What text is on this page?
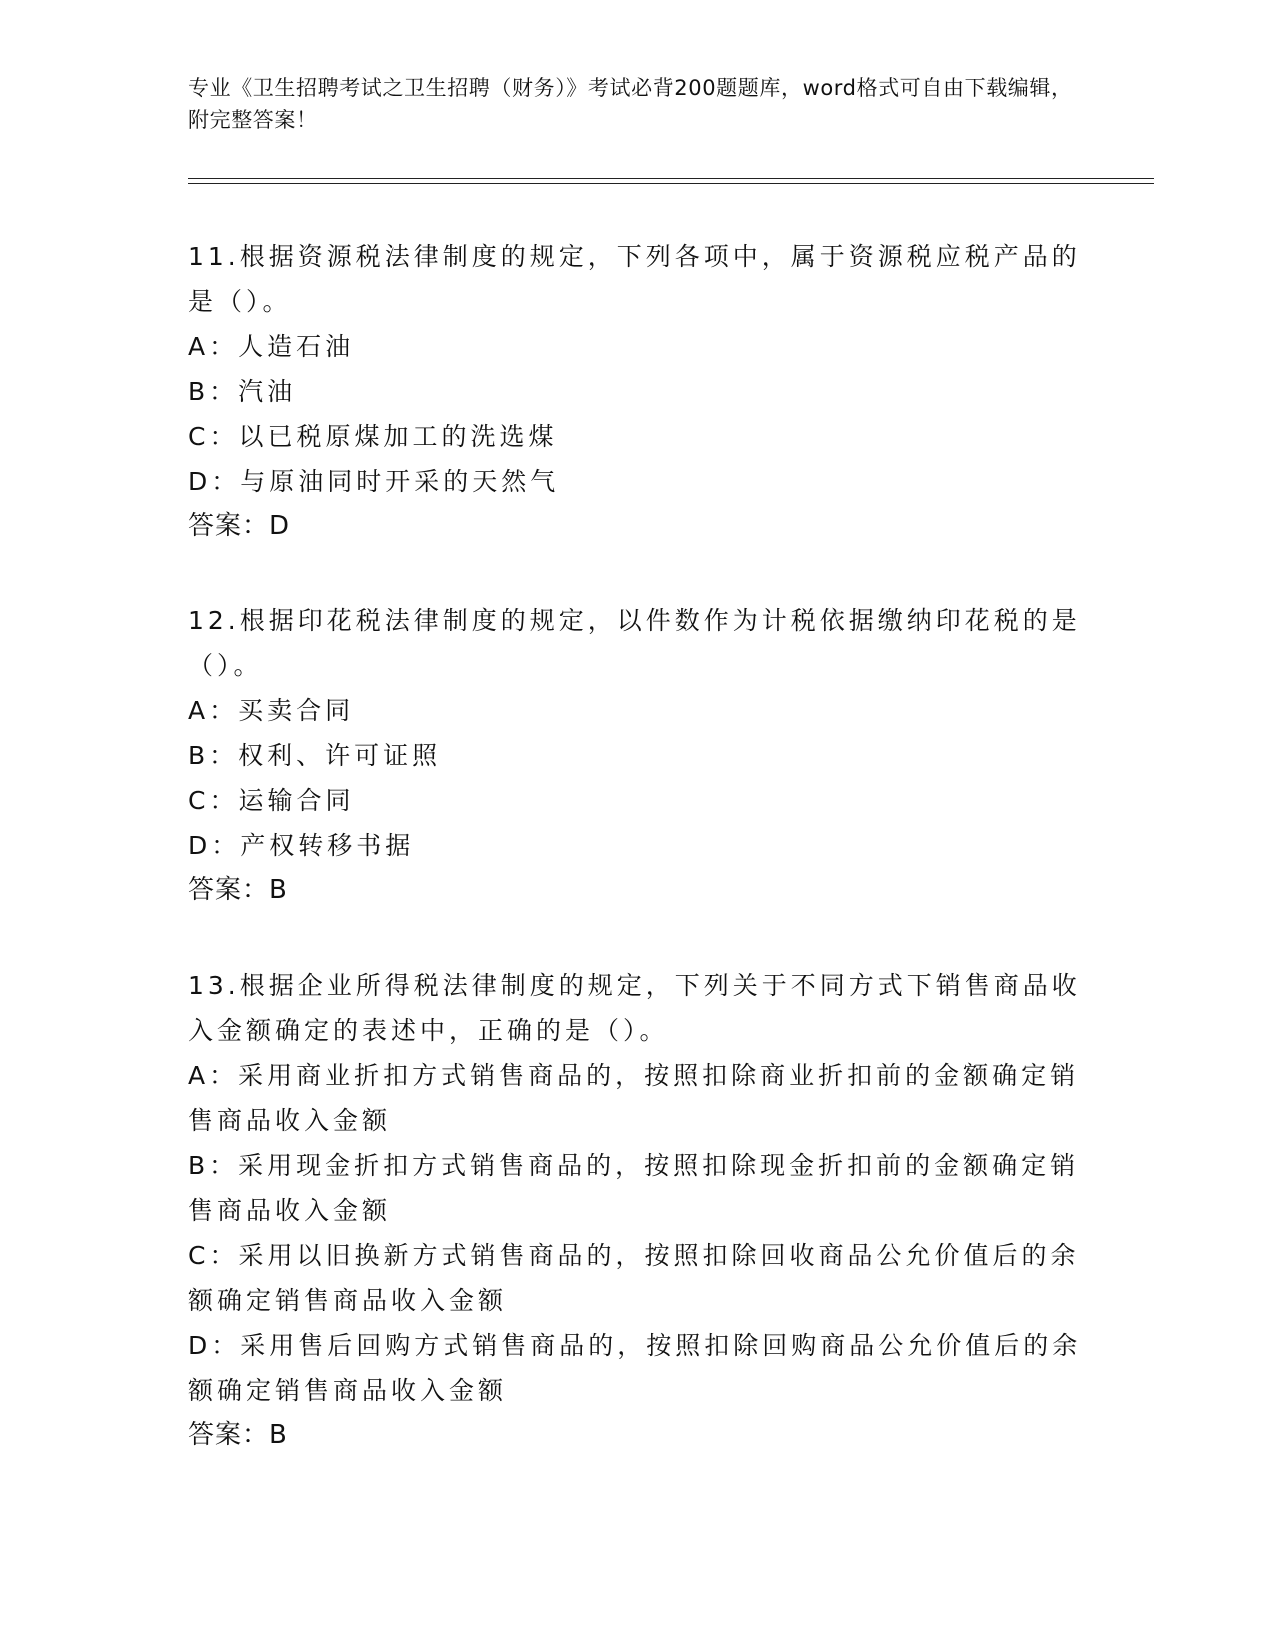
专业《卫生招聘考试之卫生招聘（财务）》考试必背200题题库，word格式可自由下载编辑，附完整答案！

11.根据资源税法律制度的规定，下列各项中，属于资源税应税产品的是（）。

A：人造石油

B：汽油

C：以已税原煤加工的洗选煤

D：与原油同时开采的天然气

答案：D

12.根据印花税法律制度的规定，以件数作为计税依据缴纳印花税的是（）。

A：买卖合同

B：权利、许可证照

C：运输合同

D：产权转移书据

答案：B

13.根据企业所得税法律制度的规定，下列关于不同方式下销售商品收入金额确定的表述中，正确的是（）。

A：采用商业折扣方式销售商品的，按照扣除商业折扣前的金额确定销售商品收入金额

B：采用现金折扣方式销售商品的，按照扣除现金折扣前的金额确定销售商品收入金额

C：采用以旧换新方式销售商品的，按照扣除回收商品公允价值后的余额确定销售商品收入金额

D：采用售后回购方式销售商品的，按照扣除回购商品公允价值后的余额确定销售商品收入金额

答案：B
